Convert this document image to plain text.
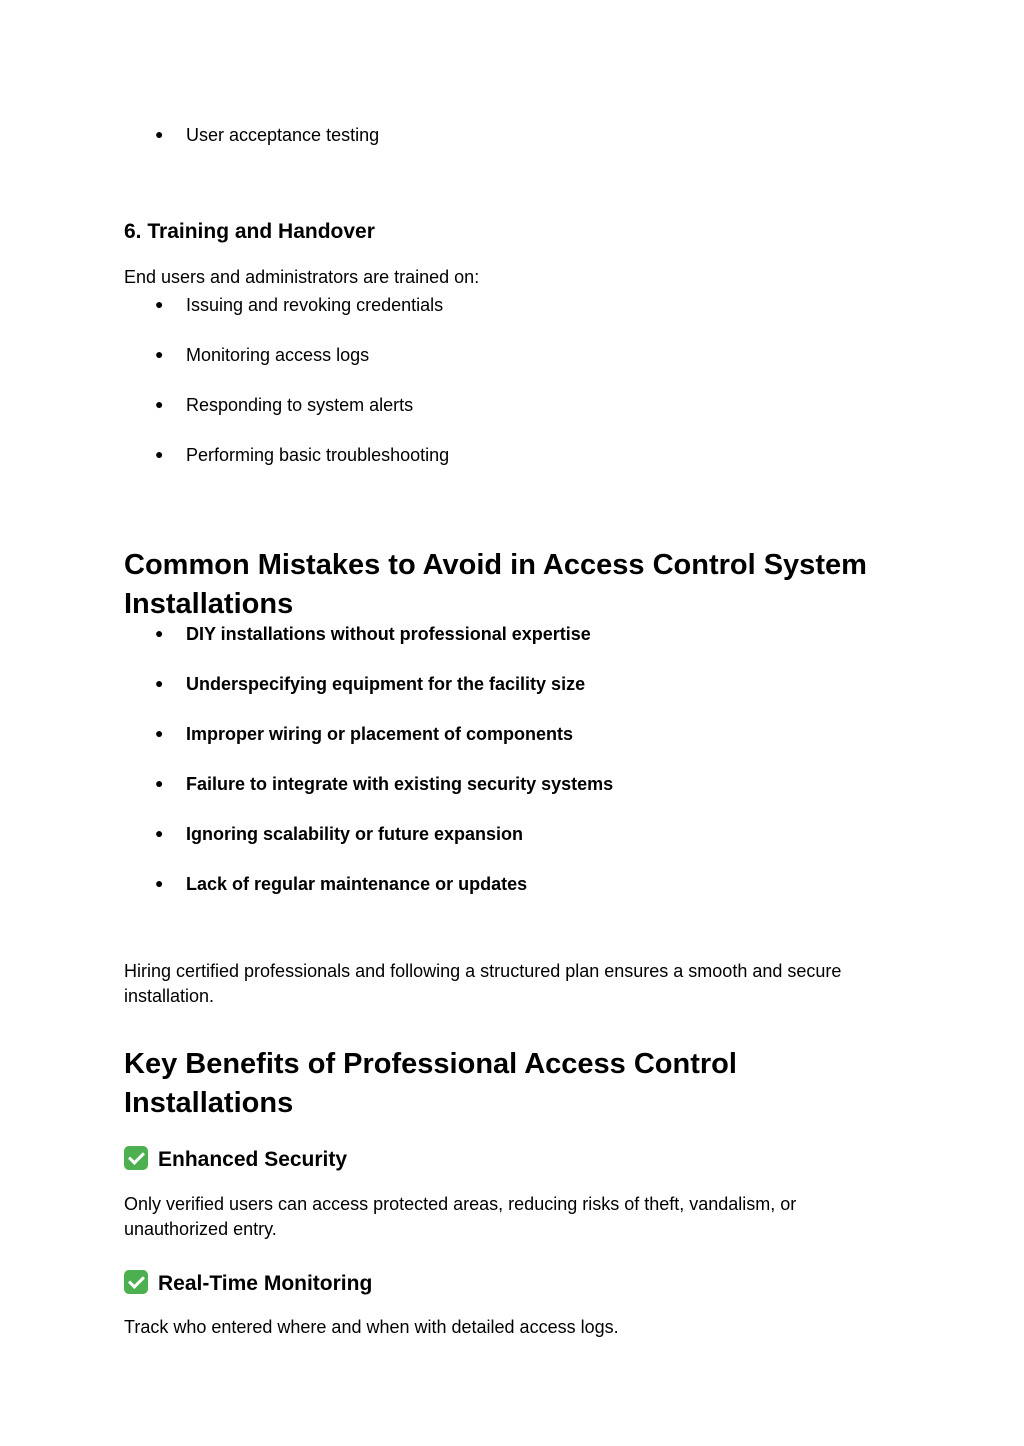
● User acceptance testing
6. Training and Handover

End users and administrators are trained on:

● Issuing and revoking credentials
● Monitoring access logs
● Responding to system alerts
● Performing basic troubleshooting
Common Mistakes to Avoid in Access Control System Installations
● DIY installations without professional expertise
● Underspecifying equipment for the facility size
● Improper wiring or placement of components
● Failure to integrate with existing security systems
● Ignoring scalability or future expansion
● Lack of regular maintenance or updates

Hiring certified professionals and following a structured plan ensures a smooth and secure installation.

Key Benefits of Professional Access Control Installations
Enhanced Security

Only verified users can access protected areas, reducing risks of theft, vandalism, or unauthorized entry.

Real-Time Monitoring

Track who entered where and when with detailed access logs.
